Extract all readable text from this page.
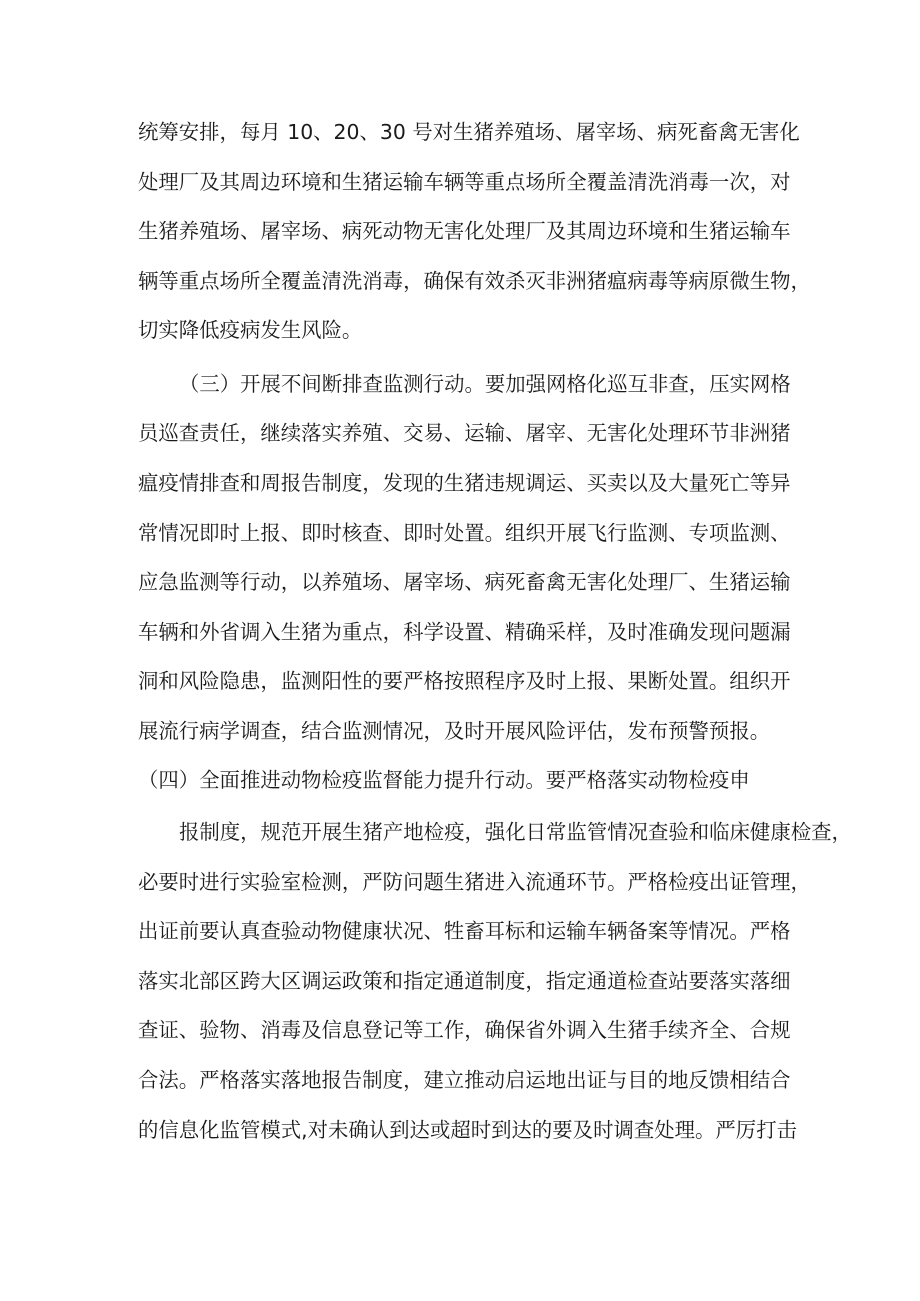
统筹安排，每月 10、20、30 号对生猪养殖场、屠宰场、病死畜禽无害化

处理厂及其周边环境和生猪运输车辆等重点场所全覆盖清洗消毒一次，对

生猪养殖场、屠宰场、病死动物无害化处理厂及其周边环境和生猪运输车

辆等重点场所全覆盖清洗消毒，确保有效杀灭非洲猪瘟病毒等病原微生物，

切实降低疫病发生风险。

（三）开展不间断排查监测行动。要加强网格化巡互非查，压实网格

员巡查责任，继续落实养殖、交易、运输、屠宰、无害化处理环节非洲猪

瘟疫情排查和周报告制度，发现的生猪违规调运、买卖以及大量死亡等异

常情况即时上报、即时核查、即时处置。组织开展飞行监测、专项监测、

应急监测等行动，以养殖场、屠宰场、病死畜禽无害化处理厂、生猪运输

车辆和外省调入生猪为重点，科学设置、精确采样，及时准确发现问题漏

洞和风险隐患，监测阳性的要严格按照程序及时上报、果断处置。组织开

展流行病学调查，结合监测情况，及时开展风险评估，发布预警预报。

（四）全面推进动物检疫监督能力提升行动。要严格落实动物检疫申

报制度，规范开展生猪产地检疫，强化日常监管情况查验和临床健康检查，

必要时进行实验室检测，严防问题生猪进入流通环节。严格检疫出证管理，

出证前要认真查验动物健康状况、牲畜耳标和运输车辆备案等情况。严格

落实北部区跨大区调运政策和指定通道制度，指定通道检查站要落实落细

查证、验物、消毒及信息登记等工作，确保省外调入生猪手续齐全、合规

合法。严格落实落地报告制度，建立推动启运地出证与目的地反馈相结合

的信息化监管模式,对未确认到达或超时到达的要及时调查处理。严厉打击
